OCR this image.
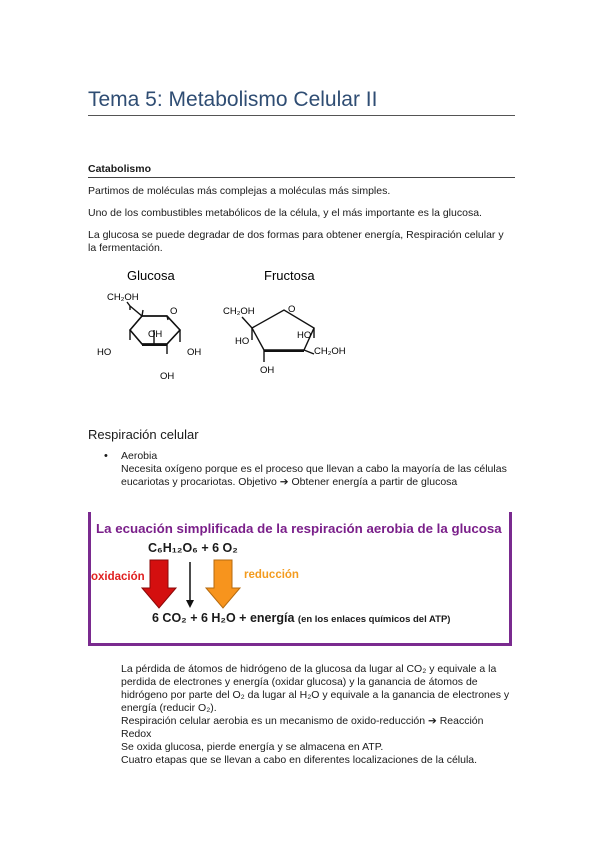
Tema 5: Metabolismo Celular II
Catabolismo
Partimos de moléculas más complejas a moléculas más simples.
Uno de los combustibles metabólicos de la célula, y el más importante es la glucosa.
La glucosa se puede degradar de dos formas para obtener energía, Respiración celular y la fermentación.
Glucosa	Fructosa
CH₂OH
O
OH
HO	OH
OH
CH₂OH	O
HO
HO
CH₂OH
OH
Respiración celular
• Aerobia
Necesita oxígeno porque es el proceso que llevan a cabo la mayoría de las células eucariotas y procariotas. Objetivo ➔ Obtener energía a partir de glucosa
La ecuación simplificada de la respiración aerobia de la glucosa
C₆H₁₂O₆ + 6 O₂
oxidación	reducción
6 CO₂ + 6 H₂O + energía (en los enlaces químicos del ATP)

La pérdida de átomos de hidrógeno de la glucosa da lugar al CO₂ y equivale a la perdida de electrones y energía (oxidar glucosa) y la ganancia de átomos de hidrógeno por parte del O₂ da lugar al H₂O y equivale a la ganancia de electrones y energía (reducir O₂).

Respiración celular aerobia es un mecanismo de oxido-reducción ➔ Reacción Redox

Se oxida glucosa, pierde energía y se almacena en ATP.

Cuatro etapas que se llevan a cabo en diferentes localizaciones de la célula.
